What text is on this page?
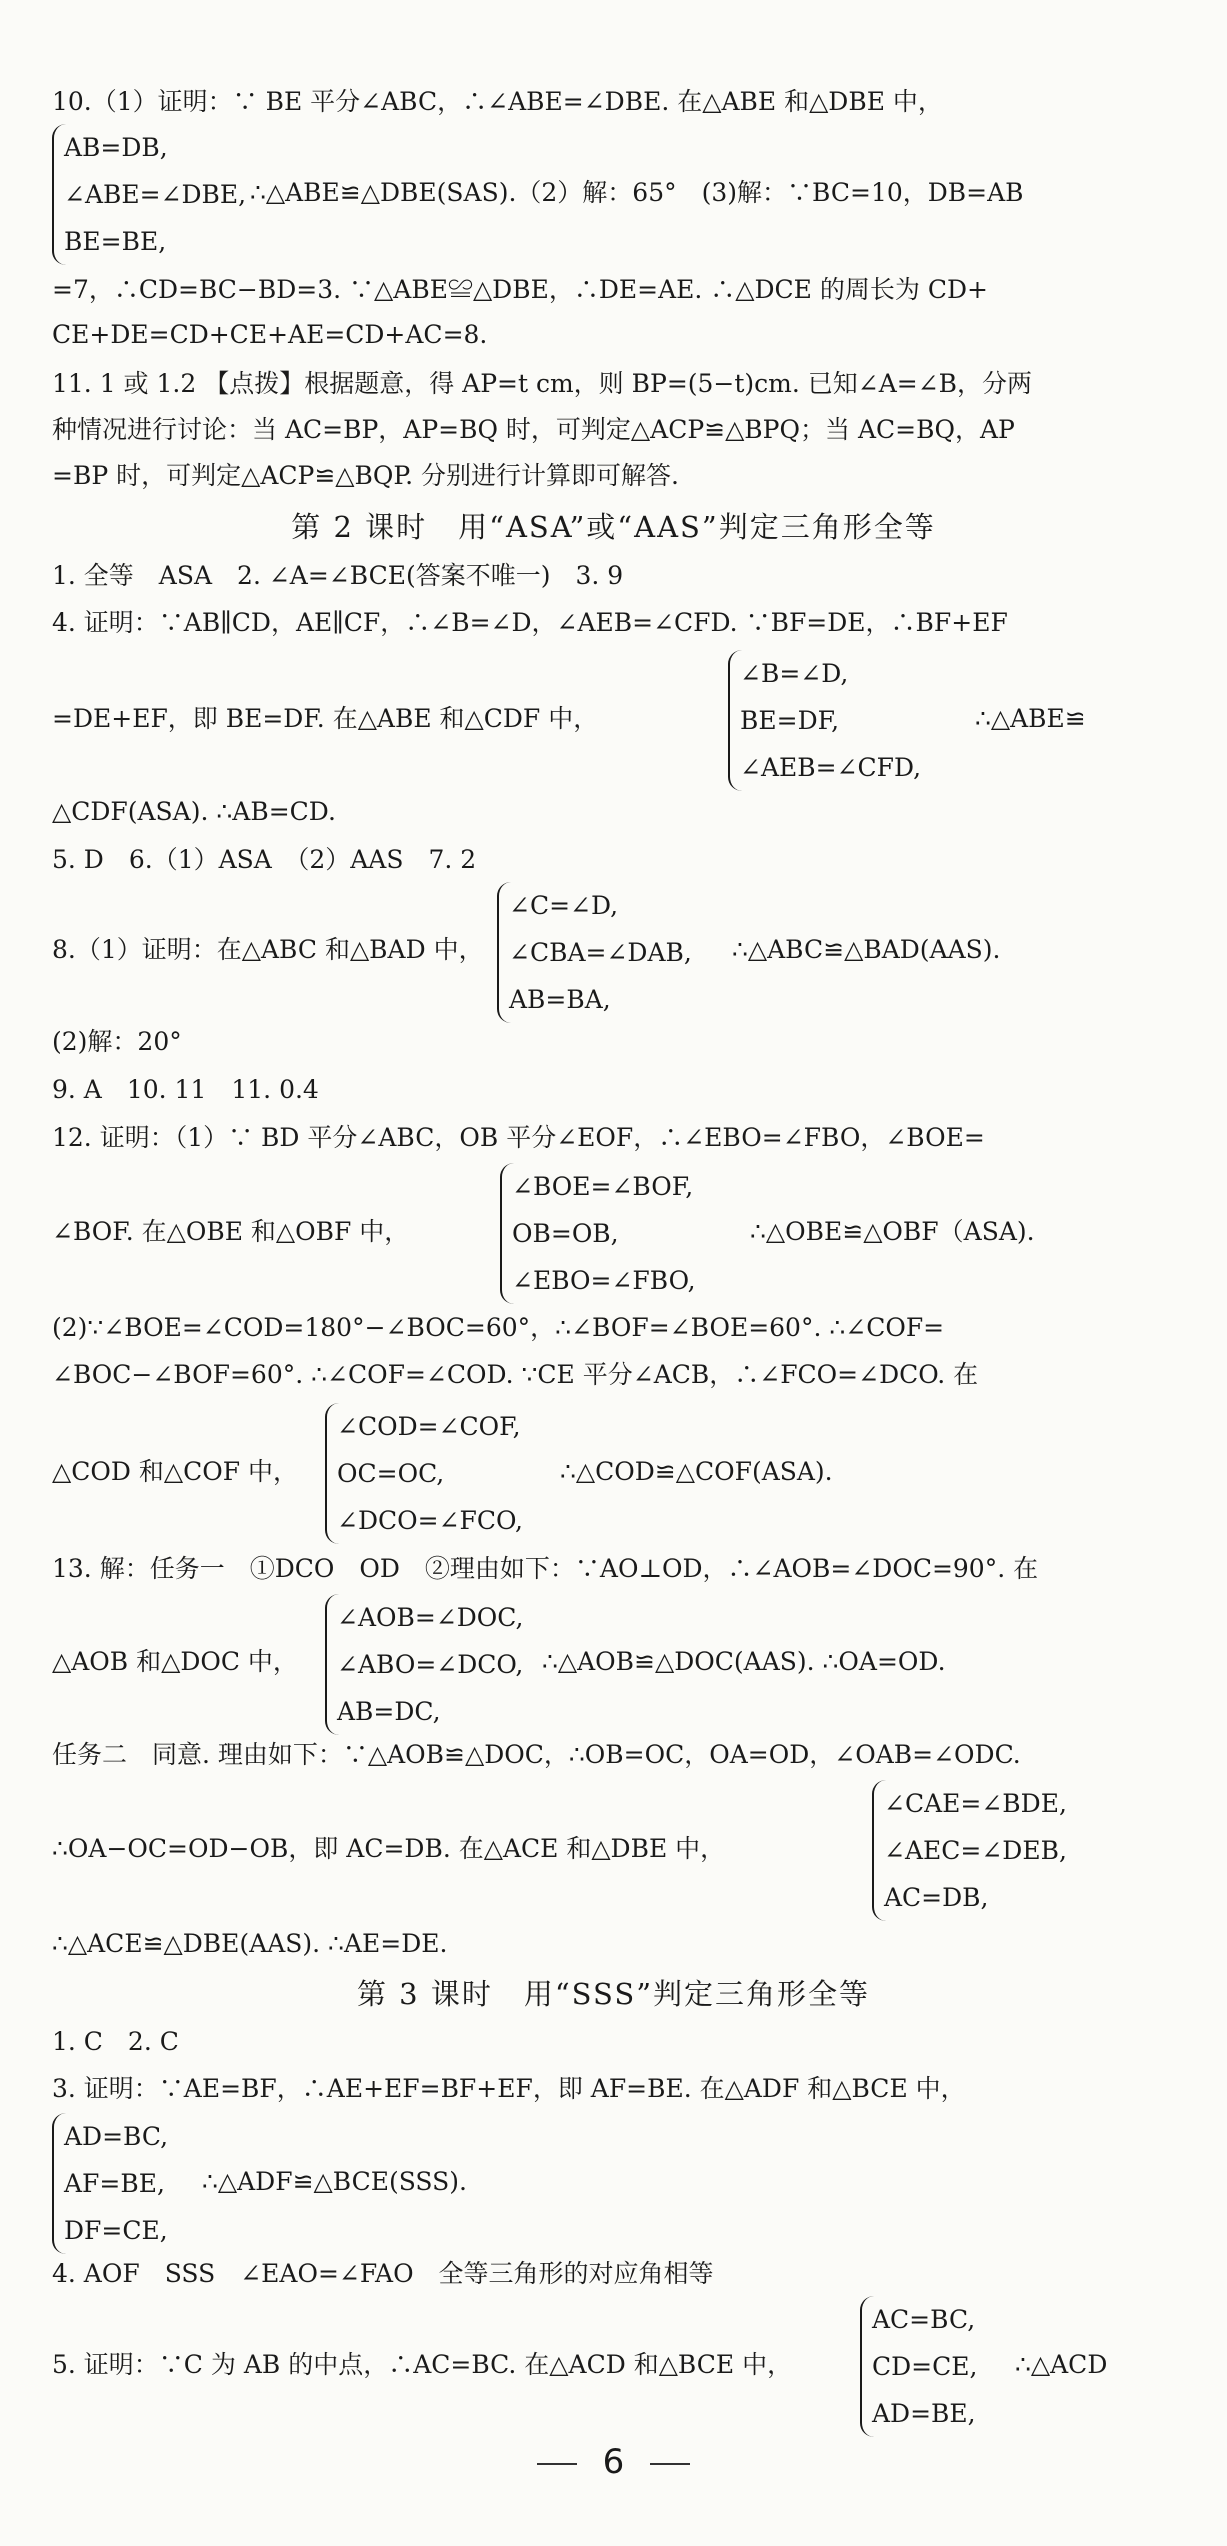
10.（1）证明：∵ BE 平分∠ABC，∴∠ABE=∠DBE. 在△ABE 和△DBE 中，
AB=DB,
∠ABE=∠DBE,
BE=BE,
∴△ABE≌△DBE(SAS).（2）解：65°　(3)解：∵BC=10，DB=AB
=7，∴CD=BC−BD=3. ∵△ABE≌△DBE，∴DE=AE. ∴△DCE 的周长为 CD+
CE+DE=CD+CE+AE=CD+AC=8.
11. 1 或 1.2 【点拨】根据题意，得 AP=t cm，则 BP=(5−t)cm. 已知∠A=∠B，分两
种情况进行讨论：当 AC=BP，AP=BQ 时，可判定△ACP≌△BPQ；当 AC=BQ，AP
=BP 时，可判定△ACP≌△BQP. 分别进行计算即可解答.
第 2 课时　用“ASA”或“AAS”判定三角形全等
1. 全等　ASA　2. ∠A=∠BCE(答案不唯一)　3. 9
4. 证明：∵AB∥CD，AE∥CF，∴∠B=∠D，∠AEB=∠CFD. ∵BF=DE，∴BF+EF
=DE+EF，即 BE=DF. 在△ABE 和△CDF 中，
∠B=∠D,
BE=DF,
∠AEB=∠CFD,
∴△ABE≌
△CDF(ASA). ∴AB=CD.
5. D　6.（1）ASA　（2）AAS　7. 2
8.（1）证明：在△ABC 和△BAD 中，
∠C=∠D,
∠CBA=∠DAB,
AB=BA,
∴△ABC≌△BAD(AAS).
(2)解：20°
9. A　10. 11　11. 0.4
12. 证明：（1）∵ BD 平分∠ABC，OB 平分∠EOF，∴∠EBO=∠FBO，∠BOE=
∠BOF. 在△OBE 和△OBF 中，
∠BOE=∠BOF,
OB=OB,
∠EBO=∠FBO,
∴△OBE≌△OBF（ASA).
(2)∵∠BOE=∠COD=180°−∠BOC=60°，∴∠BOF=∠BOE=60°. ∴∠COF=
∠BOC−∠BOF=60°. ∴∠COF=∠COD. ∵CE 平分∠ACB，∴∠FCO=∠DCO. 在
△COD 和△COF 中，
∠COD=∠COF,
OC=OC,
∠DCO=∠FCO,
∴△COD≌△COF(ASA).
13. 解：任务一　①DCO　OD　②理由如下：∵AO⊥OD，∴∠AOB=∠DOC=90°. 在
△AOB 和△DOC 中，
∠AOB=∠DOC,
∠ABO=∠DCO,
AB=DC,
∴△AOB≌△DOC(AAS). ∴OA=OD.
任务二　同意. 理由如下：∵△AOB≌△DOC，∴OB=OC，OA=OD，∠OAB=∠ODC.
∴OA−OC=OD−OB，即 AC=DB. 在△ACE 和△DBE 中，
∠CAE=∠BDE,
∠AEC=∠DEB,
AC=DB,
∴△ACE≌△DBE(AAS). ∴AE=DE.
第 3 课时　用“SSS”判定三角形全等
1. C　2. C
3. 证明：∵AE=BF，∴AE+EF=BF+EF，即 AF=BE. 在△ADF 和△BCE 中，
AD=BC,
AF=BE,
DF=CE,
∴△ADF≌△BCE(SSS).
4. AOF　SSS　∠EAO=∠FAO　全等三角形的对应角相等
5. 证明：∵C 为 AB 的中点，∴AC=BC. 在△ACD 和△BCE 中，
AC=BC,
CD=CE,
AD=BE,
∴△ACD
6
